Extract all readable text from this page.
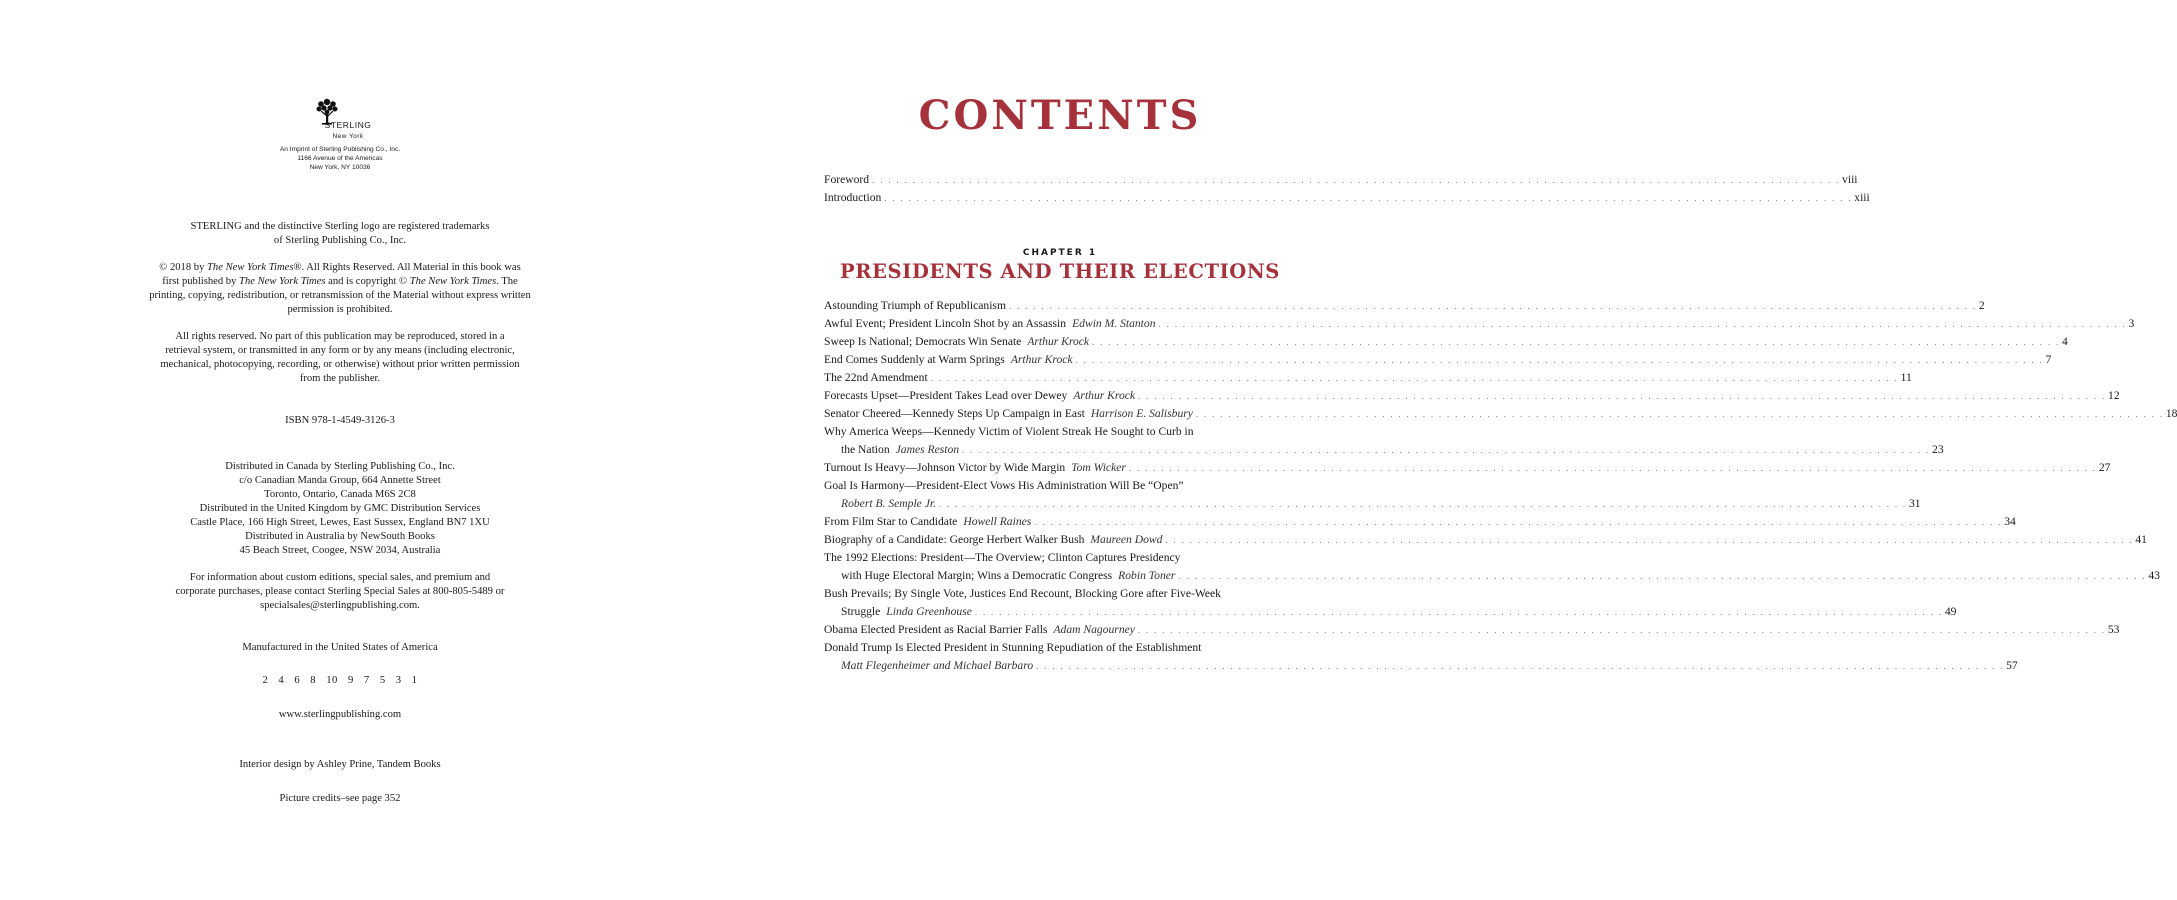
STERLING
New York
An Imprint of Sterling Publishing Co., Inc.
1166 Avenue of the Americas
New York, NY 10036
STERLING and the distinctive Sterling logo are registered trademarks
of Sterling Publishing Co., Inc.
© 2018 by The New York Times®. All Rights Reserved. All Material in this book was
first published by The New York Times and is copyright © The New York Times. The
printing, copying, redistribution, or retransmission of the Material without express written
permission is prohibited.
All rights reserved. No part of this publication may be reproduced, stored in a
retrieval system, or transmitted in any form or by any means (including electronic,
mechanical, photocopying, recording, or otherwise) without prior written permission
from the publisher.
ISBN 978-1-4549-3126-3
Distributed in Canada by Sterling Publishing Co., Inc.
c/o Canadian Manda Group, 664 Annette Street
Toronto, Ontario, Canada M6S 2C8
Distributed in the United Kingdom by GMC Distribution Services
Castle Place, 166 High Street, Lewes, East Sussex, England BN7 1XU
Distributed in Australia by NewSouth Books
45 Beach Street, Coogee, NSW 2034, Australia
For information about custom editions, special sales, and premium and
corporate purchases, please contact Sterling Special Sales at 800-805-5489 or
specialsales@sterlingpublishing.com.
Manufactured in the United States of America
2 4 6 8 10 9 7 5 3 1
www.sterlingpublishing.com
Interior design by Ashley Prine, Tandem Books
Picture credits–see page 352
CONTENTS
Foreword . . . . . . . . . . . . . . . . . . . . . . . . . . . . . . . . . . . . . . . . . . . . . . . . . . . . . . . . . . . . . . . . . . . . . . . . . . . . . . . . . . . . . . . . . . . . . . . . . . . . . . . . . . . . . . . . . . . . . . . . viii
Introduction . . . . . . . . . . . . . . . . . . . . . . . . . . . . . . . . . . . . . . . . . . . . . . . . . . . . . . . . . . . . . . . . . . . . . . . . . . . . . . . . . . . . . . . . . . . . . . . . . . . . . . . . . . . . . . . . . . . . . . . . xiii
CHAPTER 1
PRESIDENTS AND THEIR ELECTIONS
Astounding Triumph of Republicanism . . . . . . . . . . . . . . . . . . . . . . . . . . . . . . . . . . . . . . . . . . . . . . . . . . . . . . . . . . . . . . . . . . . . . . . . . . . . . . . . . . . . . . . . . . . . . . . . . . . . . . . . . . . . . . . . . . . . . . . . 2
Awful Event; President Lincoln Shot by an Assassin Edwin M. Stanton . . . . . . . . . . . . . . . . . . . . . . . . . . . . . . . . . . . . . . . . . . . . . . . . . . . . . . . . . . . . . . . . . . . . . . . . . . . . . . . . . . . . . . . . . . . . . . . . . . . . . . . . . . . . . . . . . . . . . . . . 3
Sweep Is National; Democrats Win Senate Arthur Krock . . . . . . . . . . . . . . . . . . . . . . . . . . . . . . . . . . . . . . . . . . . . . . . . . . . . . . . . . . . . . . . . . . . . . . . . . . . . . . . . . . . . . . . . . . . . . . . . . . . . . . . . . . . . . . . . . . . . . . . . 4
End Comes Suddenly at Warm Springs Arthur Krock . . . . . . . . . . . . . . . . . . . . . . . . . . . . . . . . . . . . . . . . . . . . . . . . . . . . . . . . . . . . . . . . . . . . . . . . . . . . . . . . . . . . . . . . . . . . . . . . . . . . . . . . . . . . . . . . . . . . . . . . 7
The 22nd Amendment . . . . . . . . . . . . . . . . . . . . . . . . . . . . . . . . . . . . . . . . . . . . . . . . . . . . . . . . . . . . . . . . . . . . . . . . . . . . . . . . . . . . . . . . . . . . . . . . . . . . . . . . . . . . . . . . . . . . . . . . 11
Forecasts Upset—President Takes Lead over Dewey Arthur Krock . . . . . . . . . . . . . . . . . . . . . . . . . . . . . . . . . . . . . . . . . . . . . . . . . . . . . . . . . . . . . . . . . . . . . . . . . . . . . . . . . . . . . . . . . . . . . . . . . . . . . . . . . . . . . . . . . . . . . . . . 12
Senator Cheered—Kennedy Steps Up Campaign in East Harrison E. Salisbury . . . . . . . . . . . . . . . . . . . . . . . . . . . . . . . . . . . . . . . . . . . . . . . . . . . . . . . . . . . . . . . . . . . . . . . . . . . . . . . . . . . . . . . . . . . . . . . . . . . . . . . . . . . . . . . . . . . . . . . . 18
Why America Weeps—Kennedy Victim of Violent Streak He Sought to Curb in
the Nation James Reston . . . . . . . . . . . . . . . . . . . . . . . . . . . . . . . . . . . . . . . . . . . . . . . . . . . . . . . . . . . . . . . . . . . . . . . . . . . . . . . . . . . . . . . . . . . . . . . . . . . . . . . . . . . . . . . . . . . . . . . . 23
Turnout Is Heavy—Johnson Victor by Wide Margin Tom Wicker . . . . . . . . . . . . . . . . . . . . . . . . . . . . . . . . . . . . . . . . . . . . . . . . . . . . . . . . . . . . . . . . . . . . . . . . . . . . . . . . . . . . . . . . . . . . . . . . . . . . . . . . . . . . . . . . . . . . . . . . 27
Goal Is Harmony—President-Elect Vows His Administration Will Be “Open”
Robert B. Semple Jr. . . . . . . . . . . . . . . . . . . . . . . . . . . . . . . . . . . . . . . . . . . . . . . . . . . . . . . . . . . . . . . . . . . . . . . . . . . . . . . . . . . . . . . . . . . . . . . . . . . . . . . . . . . . . . . . . . . . . . . . . 31
From Film Star to Candidate Howell Raines . . . . . . . . . . . . . . . . . . . . . . . . . . . . . . . . . . . . . . . . . . . . . . . . . . . . . . . . . . . . . . . . . . . . . . . . . . . . . . . . . . . . . . . . . . . . . . . . . . . . . . . . . . . . . . . . . . . . . . . . 34
Biography of a Candidate: George Herbert Walker Bush Maureen Dowd . . . . . . . . . . . . . . . . . . . . . . . . . . . . . . . . . . . . . . . . . . . . . . . . . . . . . . . . . . . . . . . . . . . . . . . . . . . . . . . . . . . . . . . . . . . . . . . . . . . . . . . . . . . . . . . . . . . . . . . . 41
The 1992 Elections: President—The Overview; Clinton Captures Presidency
with Huge Electoral Margin; Wins a Democratic Congress Robin Toner . . . . . . . . . . . . . . . . . . . . . . . . . . . . . . . . . . . . . . . . . . . . . . . . . . . . . . . . . . . . . . . . . . . . . . . . . . . . . . . . . . . . . . . . . . . . . . . . . . . . . . . . . . . . . . . . . . . . . . . . 43
Bush Prevails; By Single Vote, Justices End Recount, Blocking Gore after Five-Week
Struggle Linda Greenhouse . . . . . . . . . . . . . . . . . . . . . . . . . . . . . . . . . . . . . . . . . . . . . . . . . . . . . . . . . . . . . . . . . . . . . . . . . . . . . . . . . . . . . . . . . . . . . . . . . . . . . . . . . . . . . . . . . . . . . . . . 49
Obama Elected President as Racial Barrier Falls Adam Nagourney . . . . . . . . . . . . . . . . . . . . . . . . . . . . . . . . . . . . . . . . . . . . . . . . . . . . . . . . . . . . . . . . . . . . . . . . . . . . . . . . . . . . . . . . . . . . . . . . . . . . . . . . . . . . . . . . . . . . . . . . 53
Donald Trump Is Elected President in Stunning Repudiation of the Establishment
Matt Flegenheimer and Michael Barbaro . . . . . . . . . . . . . . . . . . . . . . . . . . . . . . . . . . . . . . . . . . . . . . . . . . . . . . . . . . . . . . . . . . . . . . . . . . . . . . . . . . . . . . . . . . . . . . . . . . . . . . . . . . . . . . . . . . . . . . . . 57
